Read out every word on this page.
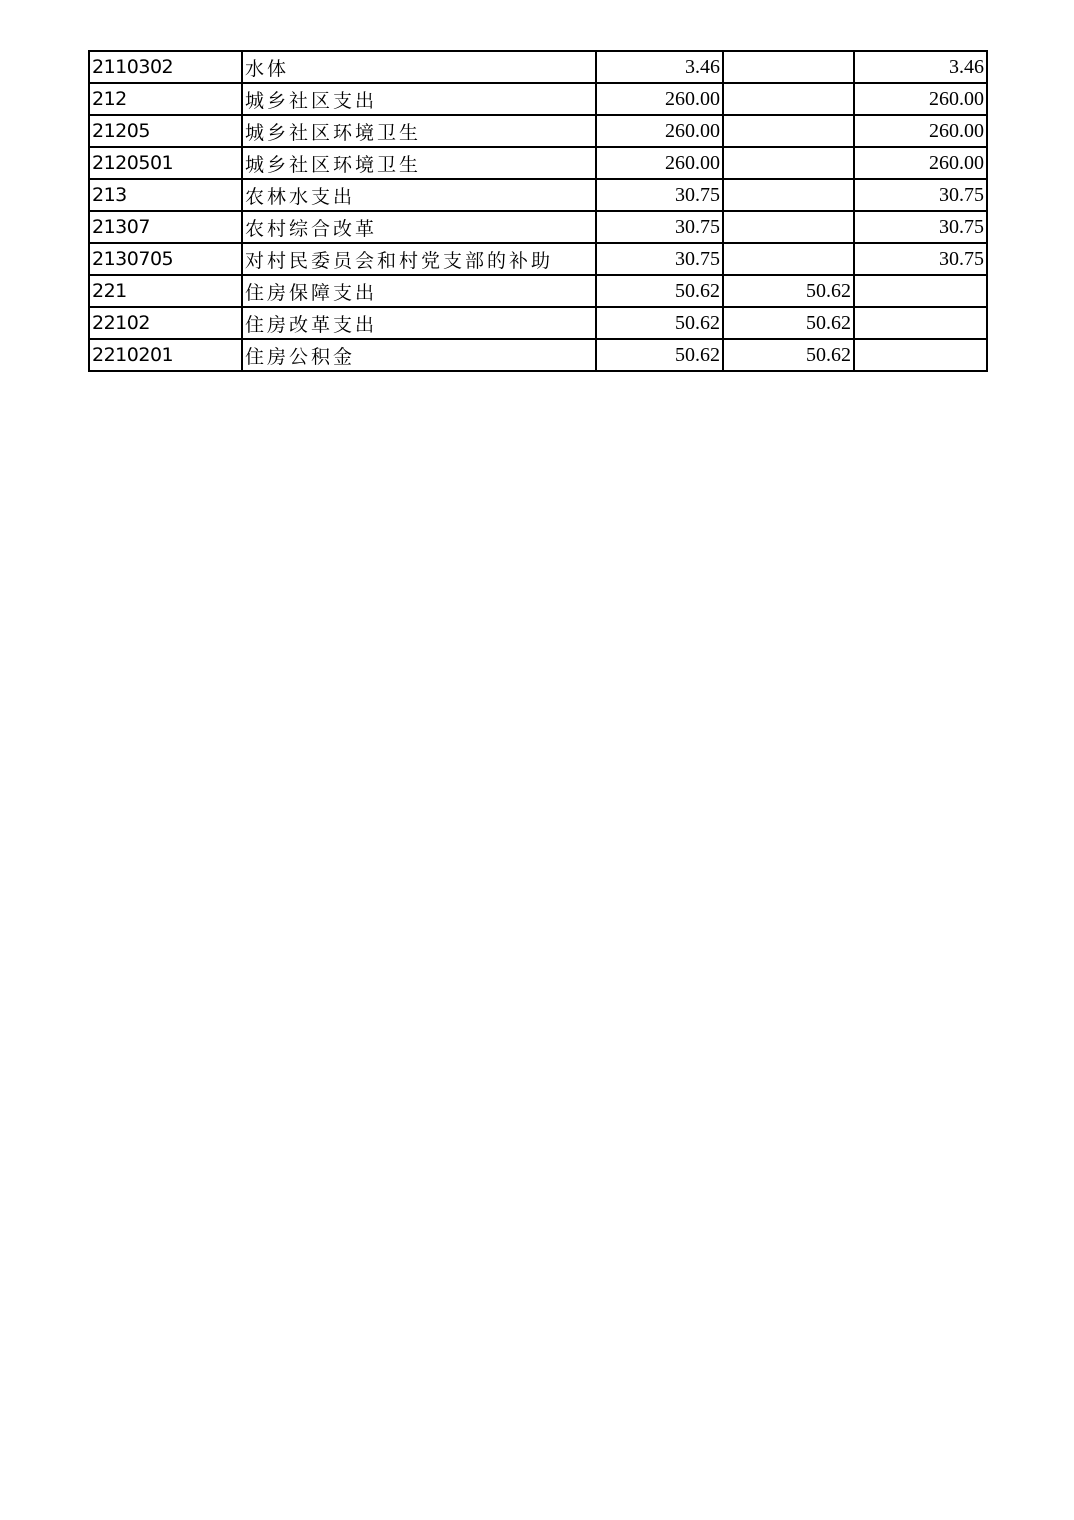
2110302	水体	3.46		3.46
212	城乡社区支出	260.00		260.00
21205	城乡社区环境卫生	260.00		260.00
2120501	城乡社区环境卫生	260.00		260.00
213	农林水支出	30.75		30.75
21307	农村综合改革	30.75		30.75
2130705	对村民委员会和村党支部的补助	30.75		30.75
221	住房保障支出	50.62	50.62	
22102	住房改革支出	50.62	50.62	
2210201	住房公积金	50.62	50.62	
